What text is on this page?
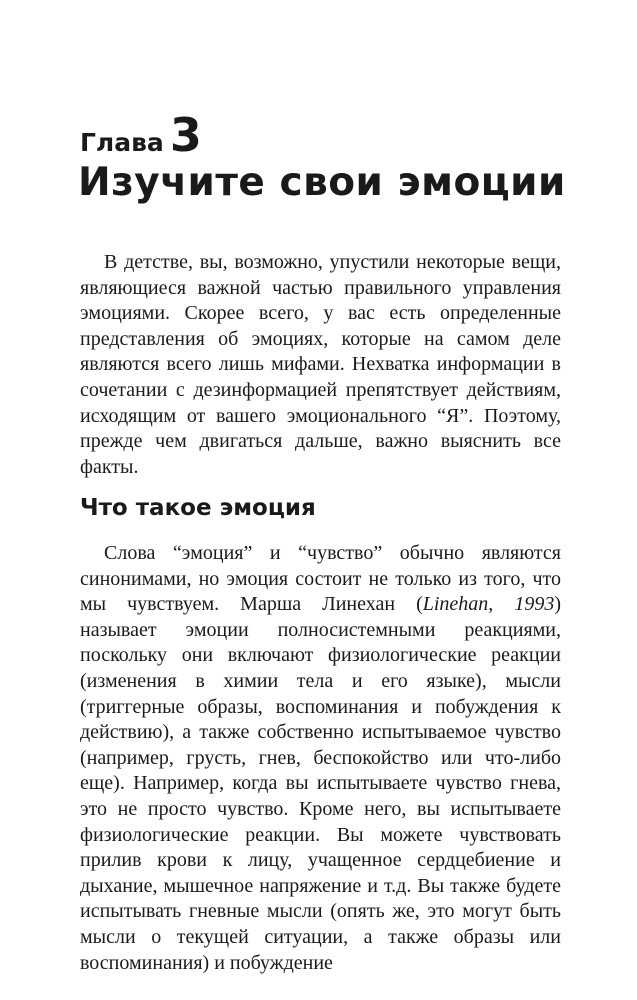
Глава 3
Изучите свои эмоции

В детстве, вы, возможно, упустили некоторые вещи, являющиеся важной частью правильного управления эмоциями. Скорее всего, у вас есть определенные представления об эмоциях, которые на самом деле являются всего лишь мифами. Нехватка информации в сочетании с дезинформацией препятствует действиям, исходящим от вашего эмоционального “Я”. Поэтому, прежде чем двигаться дальше, важно выяснить все факты.

Что такое эмоция

Слова “эмоция” и “чувство” обычно являются синонимами, но эмоция состоит не только из того, что мы чувствуем. Марша Линехан (Linehan, 1993) называет эмоции полносистемными реакциями, поскольку они включают физиологические реакции (изменения в химии тела и его языке), мысли (триггерные образы, воспоминания и побуждения к действию), а также собственно испытываемое чувство (например, грусть, гнев, беспокойство или что-либо еще). Например, когда вы испытываете чувство гнева, это не просто чувство. Кроме него, вы испытываете физиологические реакции. Вы можете чувствовать прилив крови к лицу, учащенное сердцебиение и дыхание, мышечное напряжение и т.д. Вы также будете испытывать гневные мысли (опять же, это могут быть мысли о текущей ситуации, а также образы или воспоминания) и побуждение
